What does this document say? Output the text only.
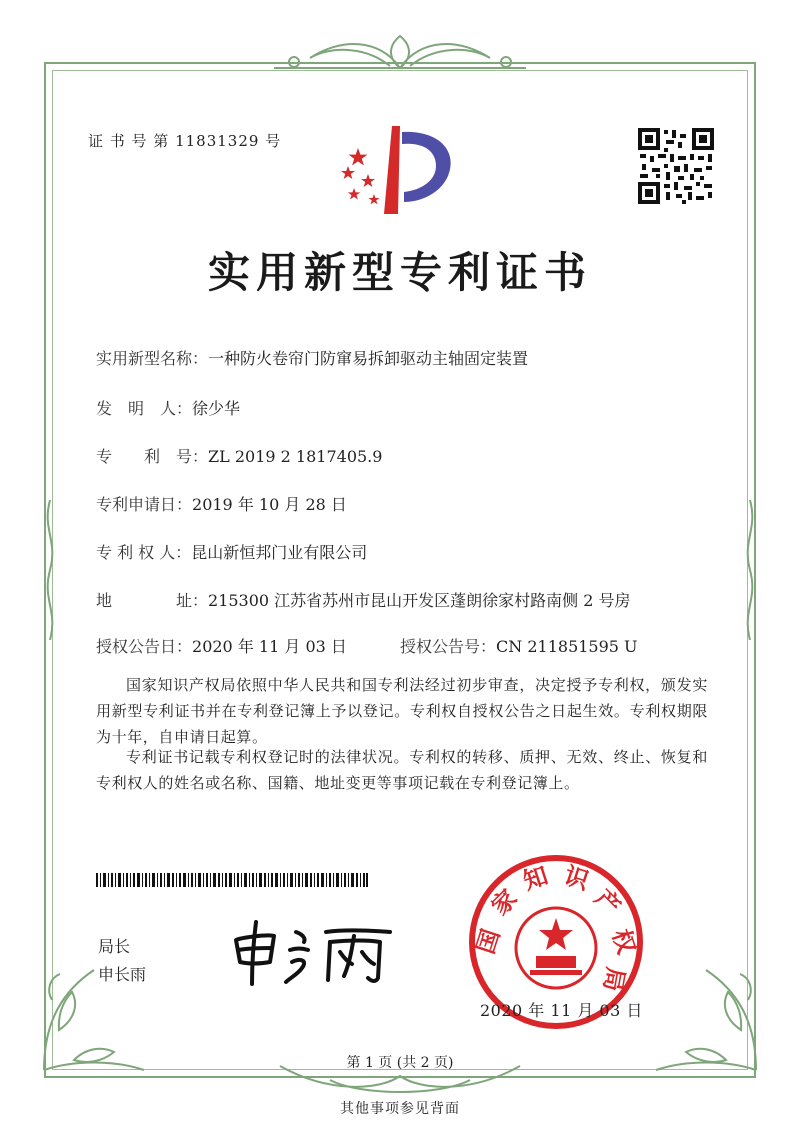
证 书 号 第 11831329 号
实用新型专利证书
实用新型名称：一种防火卷帘门防窜易拆卸驱动主轴固定装置
发　明　人：徐少华
专　　利　号：ZL 2019 2 1817405.9
专利申请日：2019 年 10 月 28 日
专 利 权 人：昆山新恒邦门业有限公司
地　　　　址：215300 江苏省苏州市昆山开发区蓬朗徐家村路南侧 2 号房
授权公告日：2020 年 11 月 03 日	授权公告号：CN 211851595 U
国家知识产权局依照中华人民共和国专利法经过初步审查，决定授予专利权，颁发实用新型专利证书并在专利登记簿上予以登记。专利权自授权公告之日起生效。专利权期限为十年，自申请日起算。
专利证书记载专利权登记时的法律状况。专利权的转移、质押、无效、终止、恢复和专利权人的姓名或名称、国籍、地址变更等事项记载在专利登记簿上。
局长
申长雨
国
家
知 识
产
权
局
2020 年 11 月 03 日
第 1 页 (共 2 页)
其他事项参见背面
